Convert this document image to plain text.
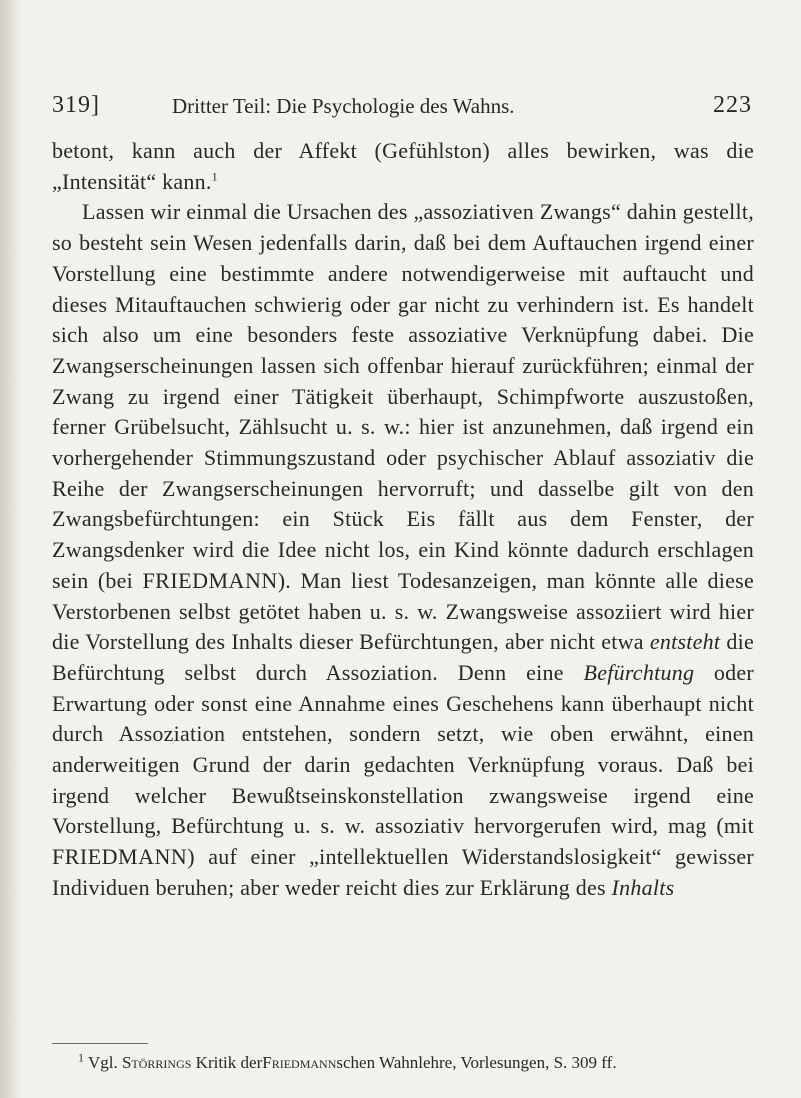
319]	Dritter Teil: Die Psychologie des Wahns.	223

betont, kann auch der Affekt (Gefühlston) alles bewirken, was die „Intensität“ kann.$^1$

Lassen wir einmal die Ursachen des „assoziativen Zwangs“ dahin gestellt, so besteht sein Wesen jedenfalls darin, daß bei dem Auftauchen irgend einer Vorstellung eine bestimmte andere notwendigerweise mit auftaucht und dieses Mitauftauchen schwierig oder gar nicht zu verhindern ist. Es handelt sich also um eine besonders feste assoziative Verknüpfung dabei. Die Zwangserscheinungen lassen sich offenbar hierauf zurückführen; einmal der Zwang zu irgend einer Tätigkeit überhaupt, Schimpfworte auszustoßen, ferner Grübelsucht, Zählsucht u. s. w.: hier ist anzunehmen, daß irgend ein vorhergehender Stimmungszustand oder psychischer Ablauf assoziativ die Reihe der Zwangserscheinungen hervorruft; und dasselbe gilt von den Zwangsbefürchtungen: ein Stück Eis fällt aus dem Fenster, der Zwangsdenker wird die Idee nicht los, ein Kind könnte dadurch erschlagen sein (bei FRIEDMANN). Man liest Todesanzeigen, man könnte alle diese Verstorbenen selbst getötet haben u. s. w. Zwangsweise assoziiert wird hier die Vorstellung des Inhalts dieser Befürchtungen, aber nicht etwa entsteht die Befürchtung selbst durch Assoziation. Denn eine Befürchtung oder Erwartung oder sonst eine Annahme eines Geschehens kann überhaupt nicht durch Assoziation entstehen, sondern setzt, wie oben erwähnt, einen anderweitigen Grund der darin gedachten Verknüpfung voraus. Daß bei irgend welcher Bewußtseinskonstellation zwangsweise irgend eine Vorstellung, Befürchtung u. s. w. assoziativ hervorgerufen wird, mag (mit FRIEDMANN) auf einer „intellektuellen Widerstandslosigkeit“ gewisser Individuen beruhen; aber weder reicht dies zur Erklärung des Inhalts

$^1$ Vgl. Störrings Kritik derFriedmannschen Wahnlehre, Vorlesungen, S. 309 ff.
